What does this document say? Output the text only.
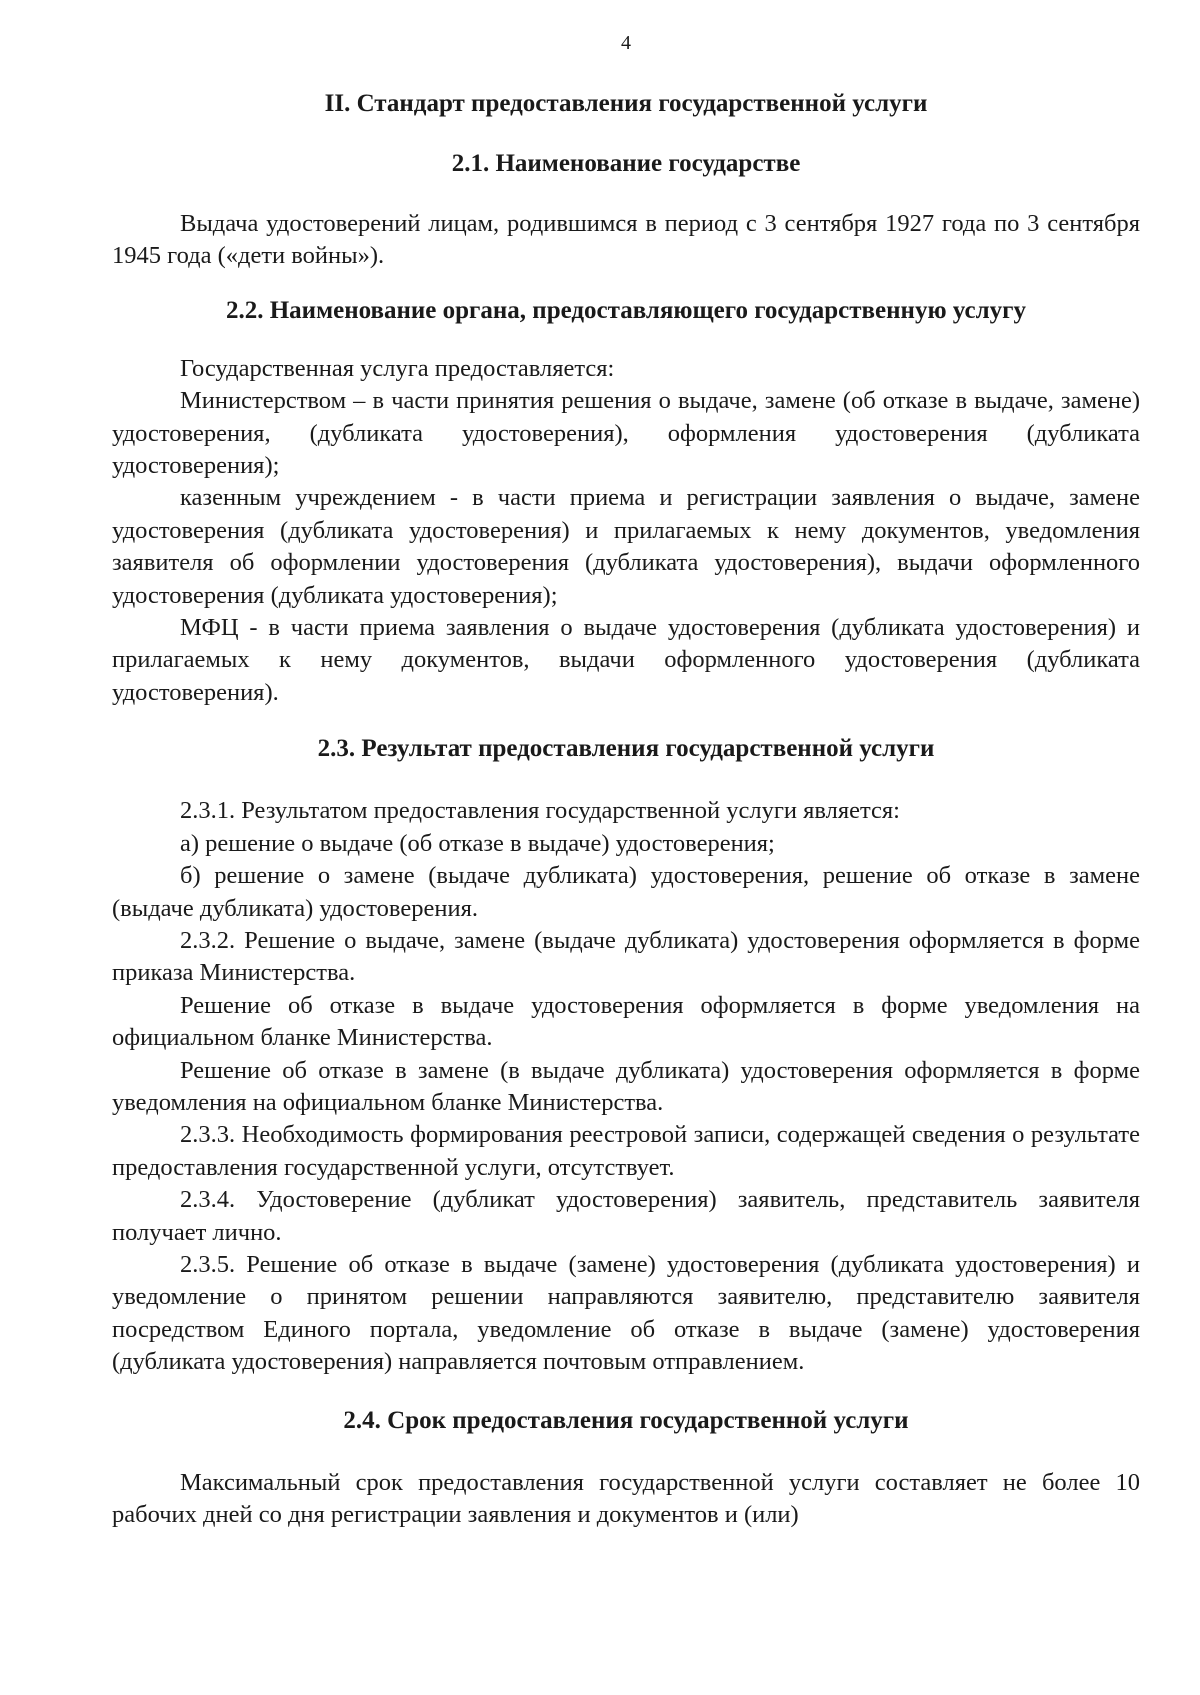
4
II. Стандарт предоставления государственной услуги
2.1. Наименование государстве

Выдача удостоверений лицам, родившимся в период с 3 сентября 1927 года по 3 сентября 1945 года («дети войны»).

2.2. Наименование органа, предоставляющего государственную услугу

Государственная услуга предоставляется:

Министерством – в части принятия решения о выдаче, замене (об отказе в выдаче, замене) удостоверения, (дубликата удостоверения), оформления удостоверения (дубликата удостоверения);

казенным учреждением - в части приема и регистрации заявления о выдаче, замене удостоверения (дубликата удостоверения) и прилагаемых к нему документов, уведомления заявителя об оформлении удостоверения (дубликата удостоверения), выдачи оформленного удостоверения (дубликата удостоверения);

МФЦ - в части приема заявления о выдаче удостоверения (дубликата удостоверения) и прилагаемых к нему документов, выдачи оформленного удостоверения (дубликата удостоверения).

2.3. Результат предоставления государственной услуги

2.3.1. Результатом предоставления государственной услуги является:

а) решение о выдаче (об отказе в выдаче) удостоверения;

б) решение о замене (выдаче дубликата) удостоверения, решение об отказе в замене (выдаче дубликата) удостоверения.

2.3.2. Решение о выдаче, замене (выдаче дубликата) удостоверения оформляется в форме приказа Министерства.

Решение об отказе в выдаче удостоверения оформляется в форме уведомления на официальном бланке Министерства.

Решение об отказе в замене (в выдаче дубликата) удостоверения оформляется в форме уведомления на официальном бланке Министерства.

2.3.3. Необходимость формирования реестровой записи, содержащей сведения о результате предоставления государственной услуги, отсутствует.

2.3.4. Удостоверение (дубликат удостоверения) заявитель, представитель заявителя получает лично.

2.3.5. Решение об отказе в выдаче (замене) удостоверения (дубликата удостоверения) и уведомление о принятом решении направляются заявителю, представителю заявителя посредством Единого портала, уведомление об отказе в выдаче (замене) удостоверения (дубликата удостоверения) направляется почтовым отправлением.

2.4. Срок предоставления государственной услуги

Максимальный срок предоставления государственной услуги составляет не более 10 рабочих дней со дня регистрации заявления и документов и (или)
